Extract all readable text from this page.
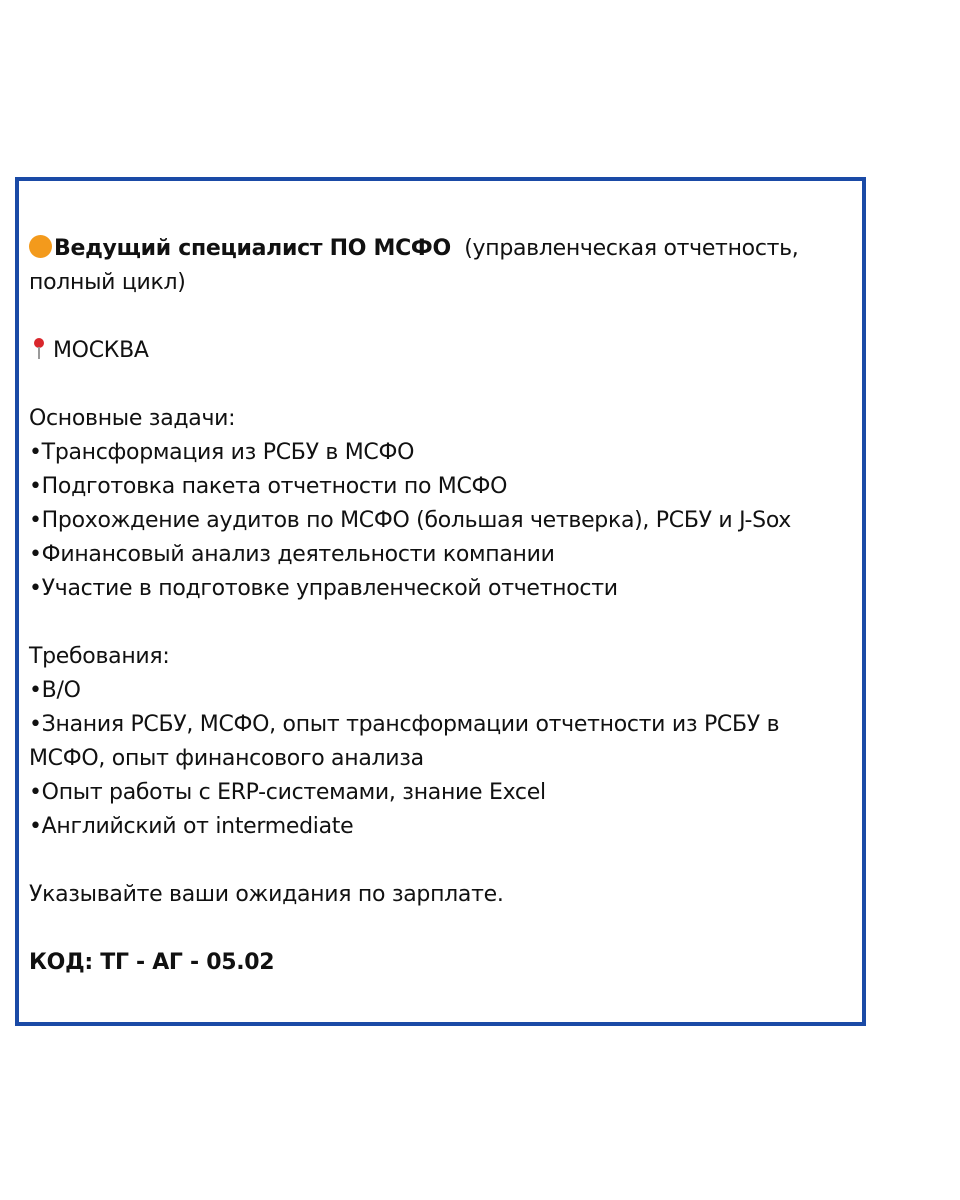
Ведущий специалист ПО МСФО  (управленческая отчетность,
полный цикл)
МОСКВА
Основные задачи:
•Трансформация из РСБУ в МСФО
•Подготовка пакета отчетности по МСФО
•Прохождение аудитов по МСФО (большая четверка), РСБУ и J-Sox
•Финансовый анализ деятельности компании
•Участие в подготовке управленческой отчетности
Требования:
•В/О
•Знания РСБУ, МСФО, опыт трансформации отчетности из РСБУ в МСФО, опыт финансового анализа
•Опыт работы с ERP-системами, знание Excel
•Английский от intermediate
Указывайте ваши ожидания по зарплате.
КОД: ТГ - АГ - 05.02
